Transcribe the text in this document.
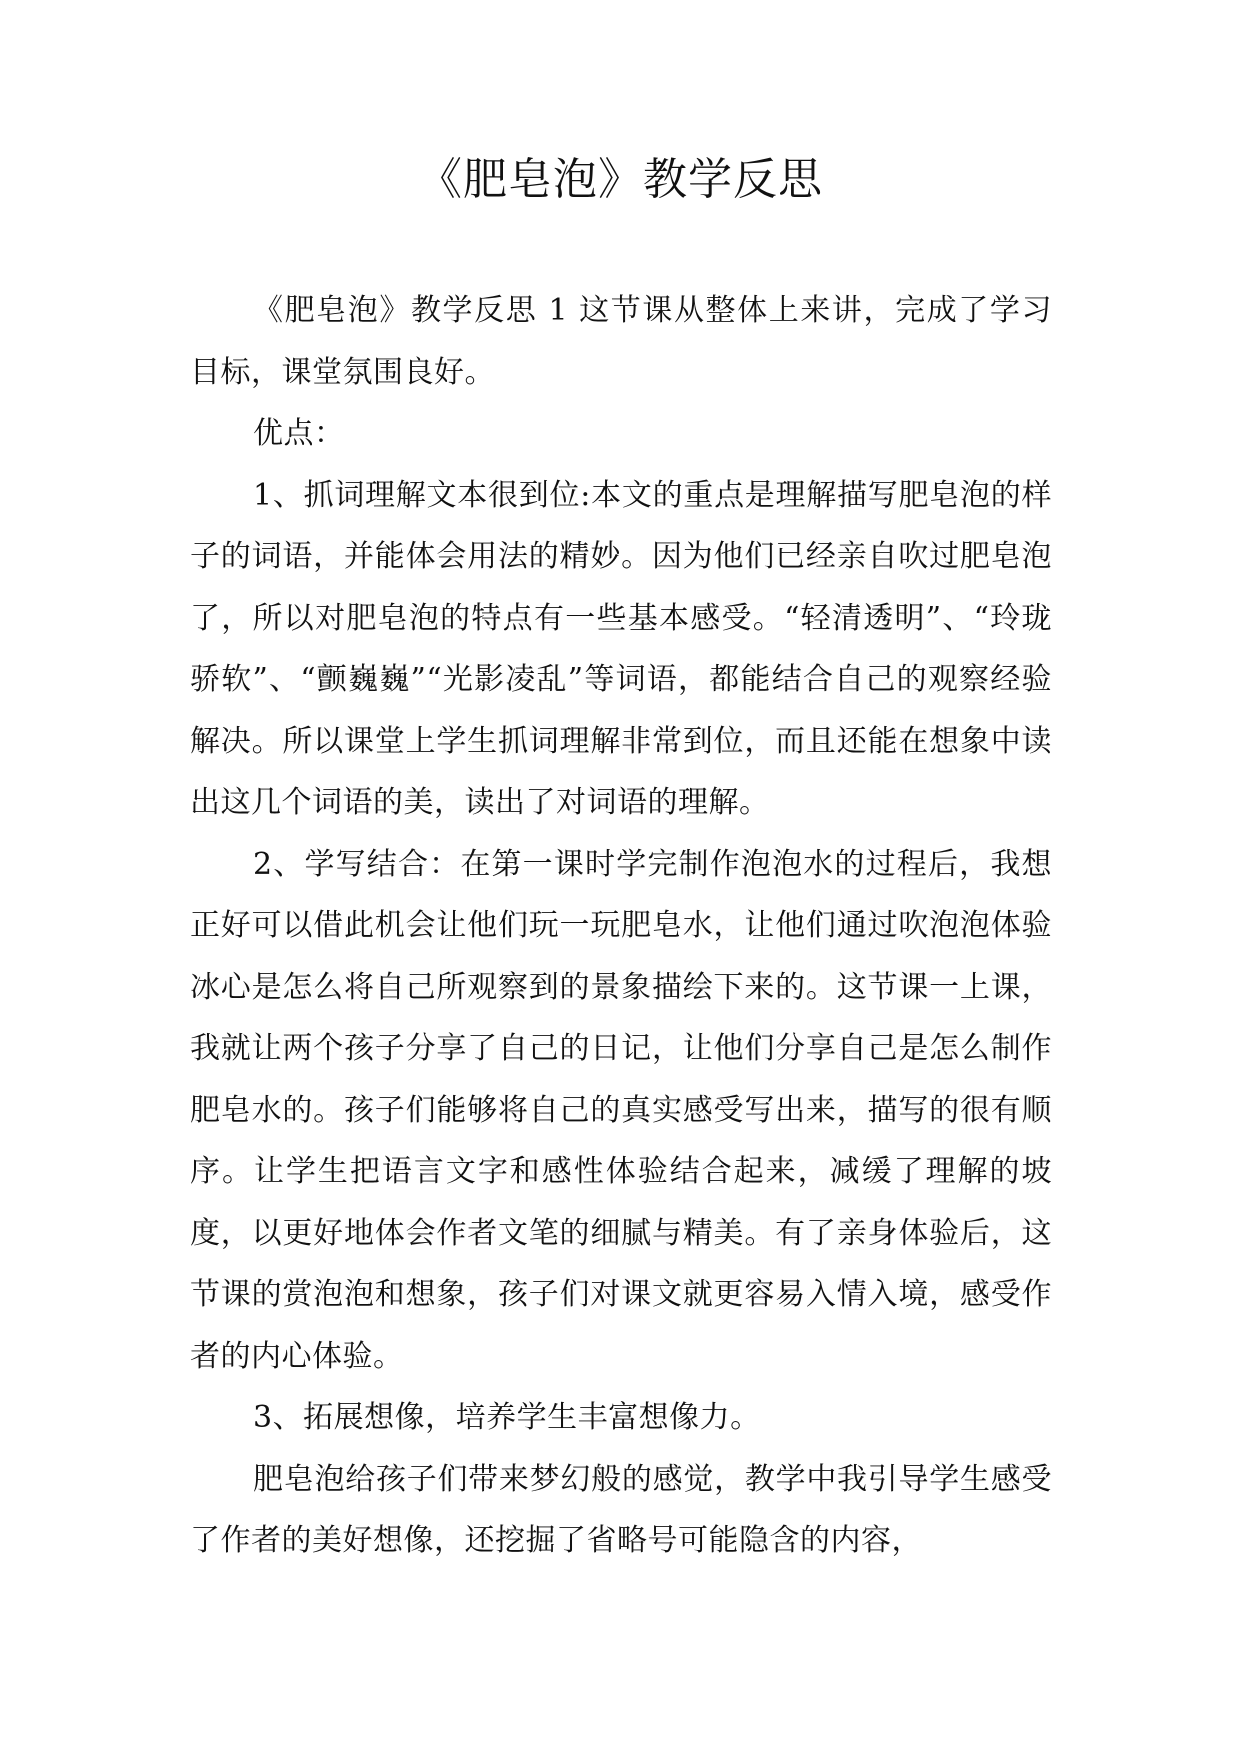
《肥皂泡》教学反思

《肥皂泡》教学反思 1 这节课从整体上来讲，完成了学习目标，课堂氛围良好。

优点：

1、抓词理解文本很到位:本文的重点是理解描写肥皂泡的样子的词语，并能体会用法的精妙。因为他们已经亲自吹过肥皂泡了，所以对肥皂泡的特点有一些基本感受。“轻清透明”、“玲珑骄软”、“颤巍巍”“光影凌乱”等词语，都能结合自己的观察经验解决。所以课堂上学生抓词理解非常到位，而且还能在想象中读出这几个词语的美，读出了对词语的理解。

2、学写结合：在第一课时学完制作泡泡水的过程后，我想正好可以借此机会让他们玩一玩肥皂水，让他们通过吹泡泡体验冰心是怎么将自己所观察到的景象描绘下来的。这节课一上课，我就让两个孩子分享了自己的日记，让他们分享自己是怎么制作肥皂水的。孩子们能够将自己的真实感受写出来，描写的很有顺序。让学生把语言文字和感性体验结合起来，减缓了理解的坡度，以更好地体会作者文笔的细腻与精美。有了亲身体验后，这节课的赏泡泡和想象，孩子们对课文就更容易入情入境，感受作者的内心体验。

3、拓展想像，培养学生丰富想像力。

肥皂泡给孩子们带来梦幻般的感觉，教学中我引导学生感受了作者的美好想像，还挖掘了省略号可能隐含的内容，
